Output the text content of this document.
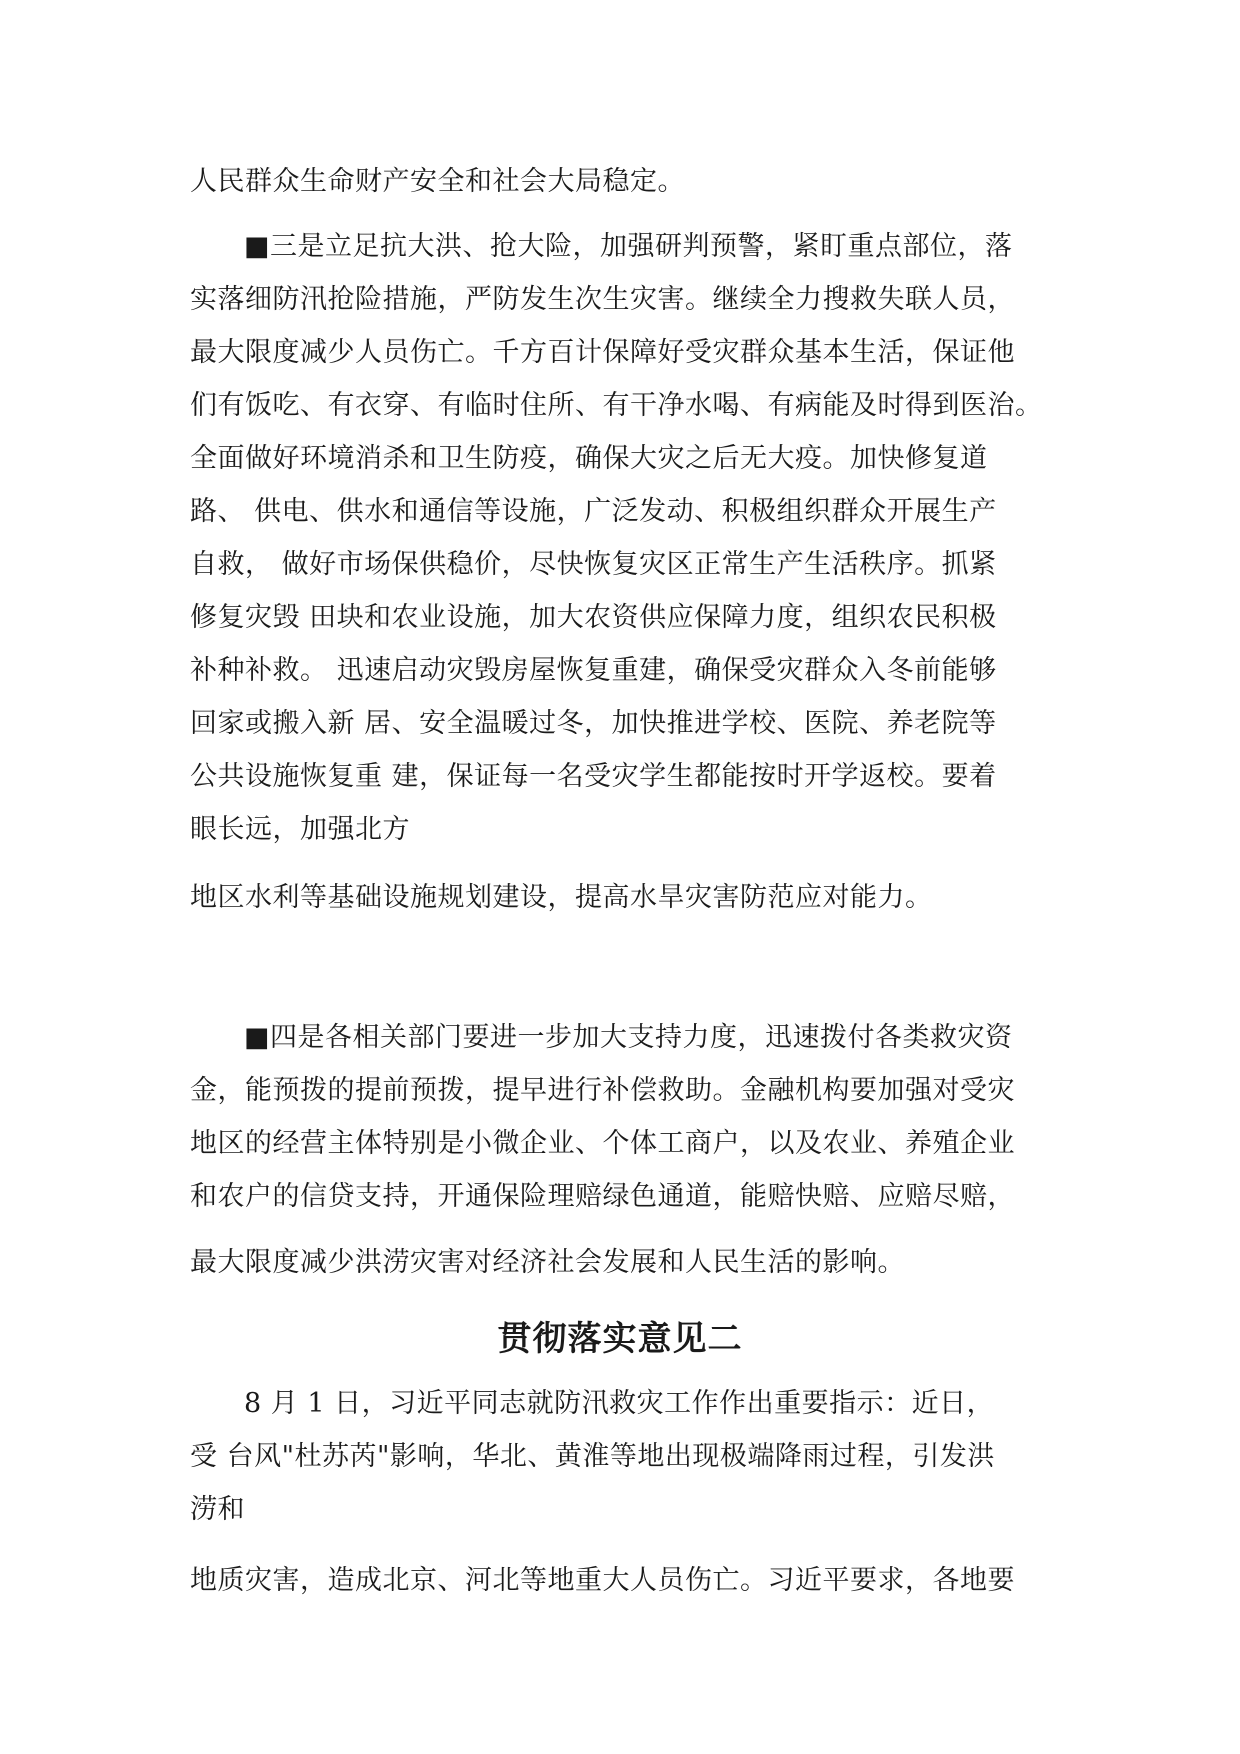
人民群众生命财产安全和社会大局稳定。
■三是立足抗大洪、抢大险，加强研判预警，紧盯重点部位，落
实落细防汛抢险措施，严防发生次生灾害。继续全力搜救失联人员，
最大限度减少人员伤亡。千方百计保障好受灾群众基本生活，保证他
们有饭吃、有衣穿、有临时住所、有干净水喝、有病能及时得到医治。
全面做好环境消杀和卫生防疫，确保大灾之后无大疫。加快修复道
路、 供电、供水和通信等设施，广泛发动、积极组织群众开展生产
自救， 做好市场保供稳价，尽快恢复灾区正常生产生活秩序。抓紧
修复灾毁 田块和农业设施，加大农资供应保障力度，组织农民积极
补种补救。 迅速启动灾毁房屋恢复重建，确保受灾群众入冬前能够
回家或搬入新 居、安全温暖过冬，加快推进学校、医院、养老院等
公共设施恢复重 建，保证每一名受灾学生都能按时开学返校。要着
眼长远，加强北方
地区水利等基础设施规划建设，提高水旱灾害防范应对能力。
■四是各相关部门要进一步加大支持力度，迅速拨付各类救灾资
金，能预拨的提前预拨，提早进行补偿救助。金融机构要加强对受灾
地区的经营主体特别是小微企业、个体工商户，以及农业、养殖企业
和农户的信贷支持，开通保险理赔绿色通道，能赔快赔、应赔尽赔，
最大限度减少洪涝灾害对经济社会发展和人民生活的影响。
贯彻落实意见二
8 月 1 日，习近平同志就防汛救灾工作作出重要指示：近日，
受 台风"杜苏芮"影响，华北、黄淮等地出现极端降雨过程，引发洪
涝和
地质灾害，造成北京、河北等地重大人员伤亡。习近平要求，各地要
